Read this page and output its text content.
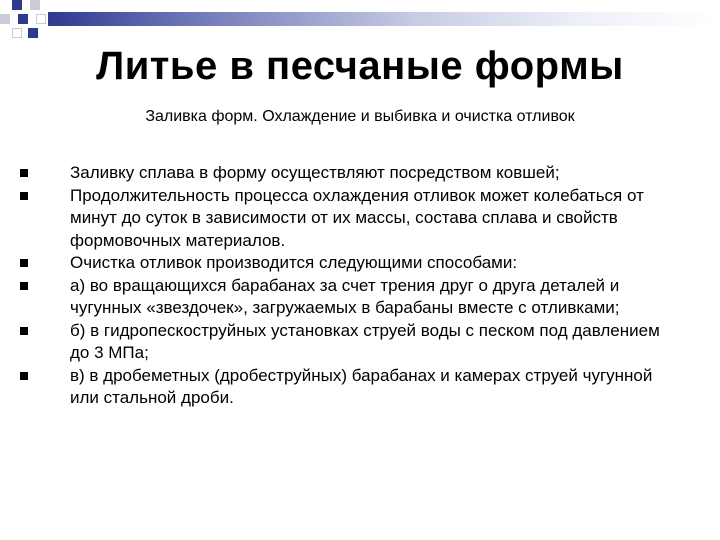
Литье в песчаные формы
Заливка форм. Охлаждение и выбивка и очистка отливок
Заливку сплава в форму осуществляют посредством ковшей;
Продолжительность процесса охлаждения отливок может колебаться от минут до суток в зависимости от их массы, состава сплава и свойств формовочных материалов.
Очистка отливок производится следующими способами:
а) во вращающихся барабанах за счет трения друг о друга деталей и чугунных «звездочек», загружаемых в барабаны вместе с отливками;
б) в гидропескоструйных установках струей воды с песком под давлением до 3 МПа;
в) в дробеметных (дробеструйных) барабанах и камерах струей чугунной или стальной дроби.
